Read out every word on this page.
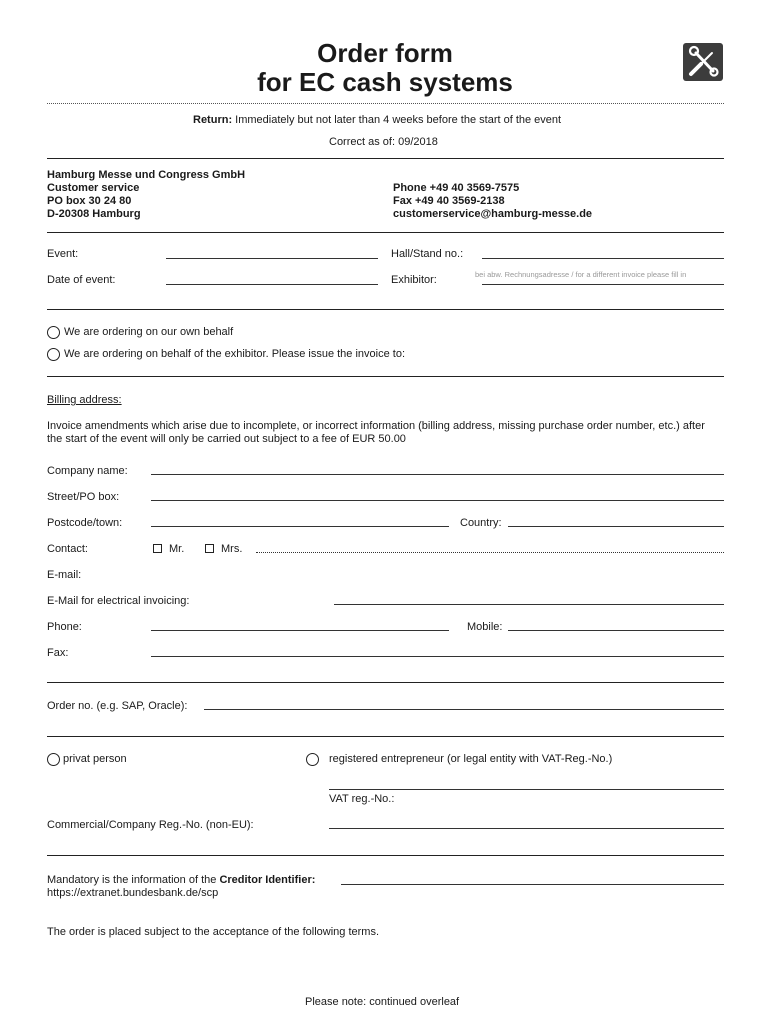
Order form
for EC cash systems
Return: Immediately but not later than 4 weeks before the start of the event
Correct as of: 09/2018
Hamburg Messe und Congress GmbH
Customer service
PO box 30 24 80
D-20308 Hamburg
Phone +49 40 3569-7575
Fax +49 40 3569-2138
customerservice@hamburg-messe.de
Event:	Hall/Stand no.:
Date of event:	Exhibitor:	bei abw. Rechnungsadresse / for a different invoice please fill in
We are ordering on our own behalf
We are ordering on behalf of the exhibitor. Please issue the invoice to:
Billing address:
Invoice amendments which arise due to incomplete, or incorrect information (billing address, missing purchase order number, etc.) after
the start of the event will only be carried out subject to a fee of EUR 50.00
Company name:
Street/PO box:
Postcode/town:	Country:
Contact:	Mr.	Mrs.
E-mail:
E-Mail for electrical invoicing:
Phone:	Mobile:
Fax:
Order no. (e.g. SAP, Oracle):
privat person	registered entrepreneur (or legal entity with VAT-Reg.-No.)
VAT reg.-No.:
Commercial/Company Reg.-No. (non-EU):
Mandatory is the information of the Creditor Identifier:
https://extranet.bundesbank.de/scp
The order is placed subject to the acceptance of the following terms.
Please note: continued overleaf
